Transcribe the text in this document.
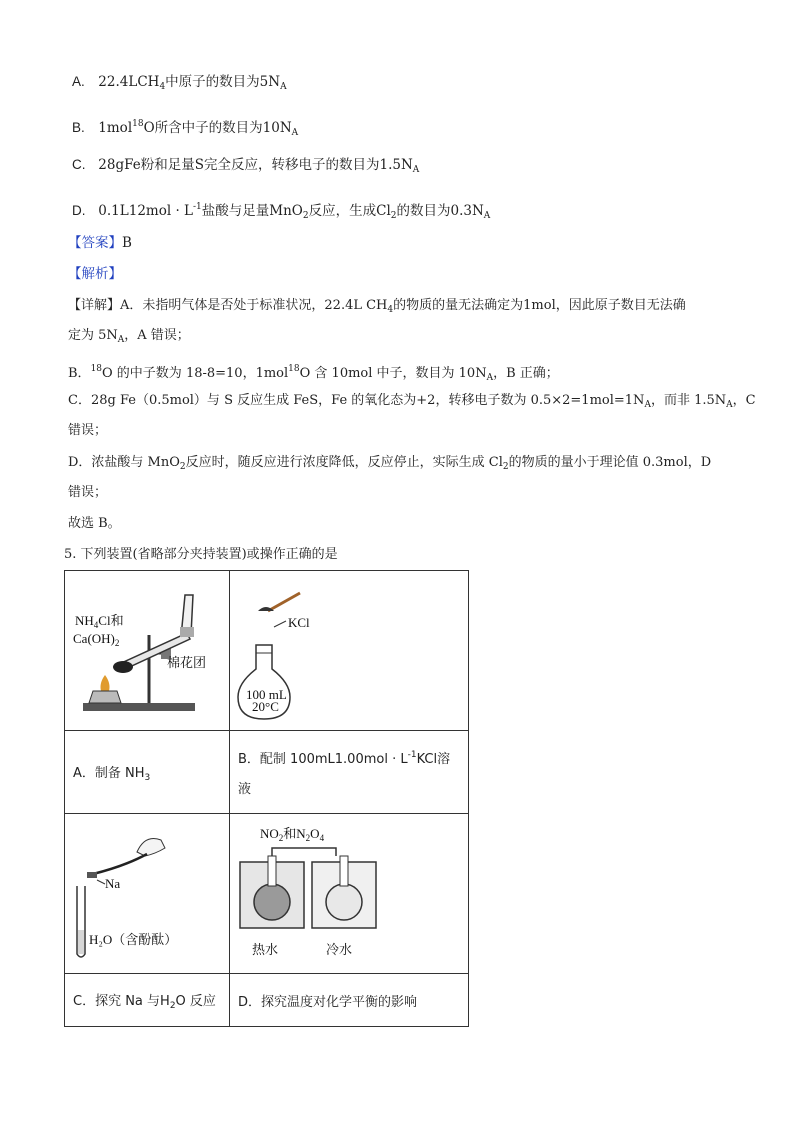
A. $22.4LCH_4$中原子的数目为$5N_A$
B. 1mol$^{18}$O所含中子的数目为$10N_A$
C. 28gFe粉和足量S完全反应，转移电子的数目为$1.5N_A$
D. $0.1L12mol \cdot L^{-1}$盐酸与足量MnO$_2$反应，生成$Cl_2$的数目为$0.3N_A$
【答案】B
【解析】
【详解】A．未指明气体是否处于标准状况，22.4L $CH_4$的物质的量无法确定为1mol，因此原子数目无法确
定为 $5N_A$，A 错误；
B．$^{18}$O 的中子数为 18-8=10，1mol$^{18}$O 含 10mol 中子，数目为 $10N_A$，B 正确；
C．28g Fe（0.5mol）与 S 反应生成 FeS，Fe 的氧化态为+2，转移电子数为 $0.5\times 2=1mol=1N_A$，而非 $1.5N_A$，C
错误；
D．浓盐酸与 MnO$_2$反应时，随反应进行浓度降低，反应停止，实际生成 $Cl_2$的物质的量小于理论值 0.3mol，D
错误；
故选 B。
5. 下列装置(省略部分夹持装置)或操作正确的是
$NH_4Cl$和
$Ca(OH)_2$
棉花团	KCl
100 mL
20°C

A．制备 $NH_3$	B．配制 $100mL1.00mol \cdot L^{-1}KCl$溶
液

Na
H₂O（含酚酞）	$NO_2$和$N_2O_4$
热水 冷水

C．探究 Na 与$H_2O$ 反应	D．探究温度对化学平衡的影响
